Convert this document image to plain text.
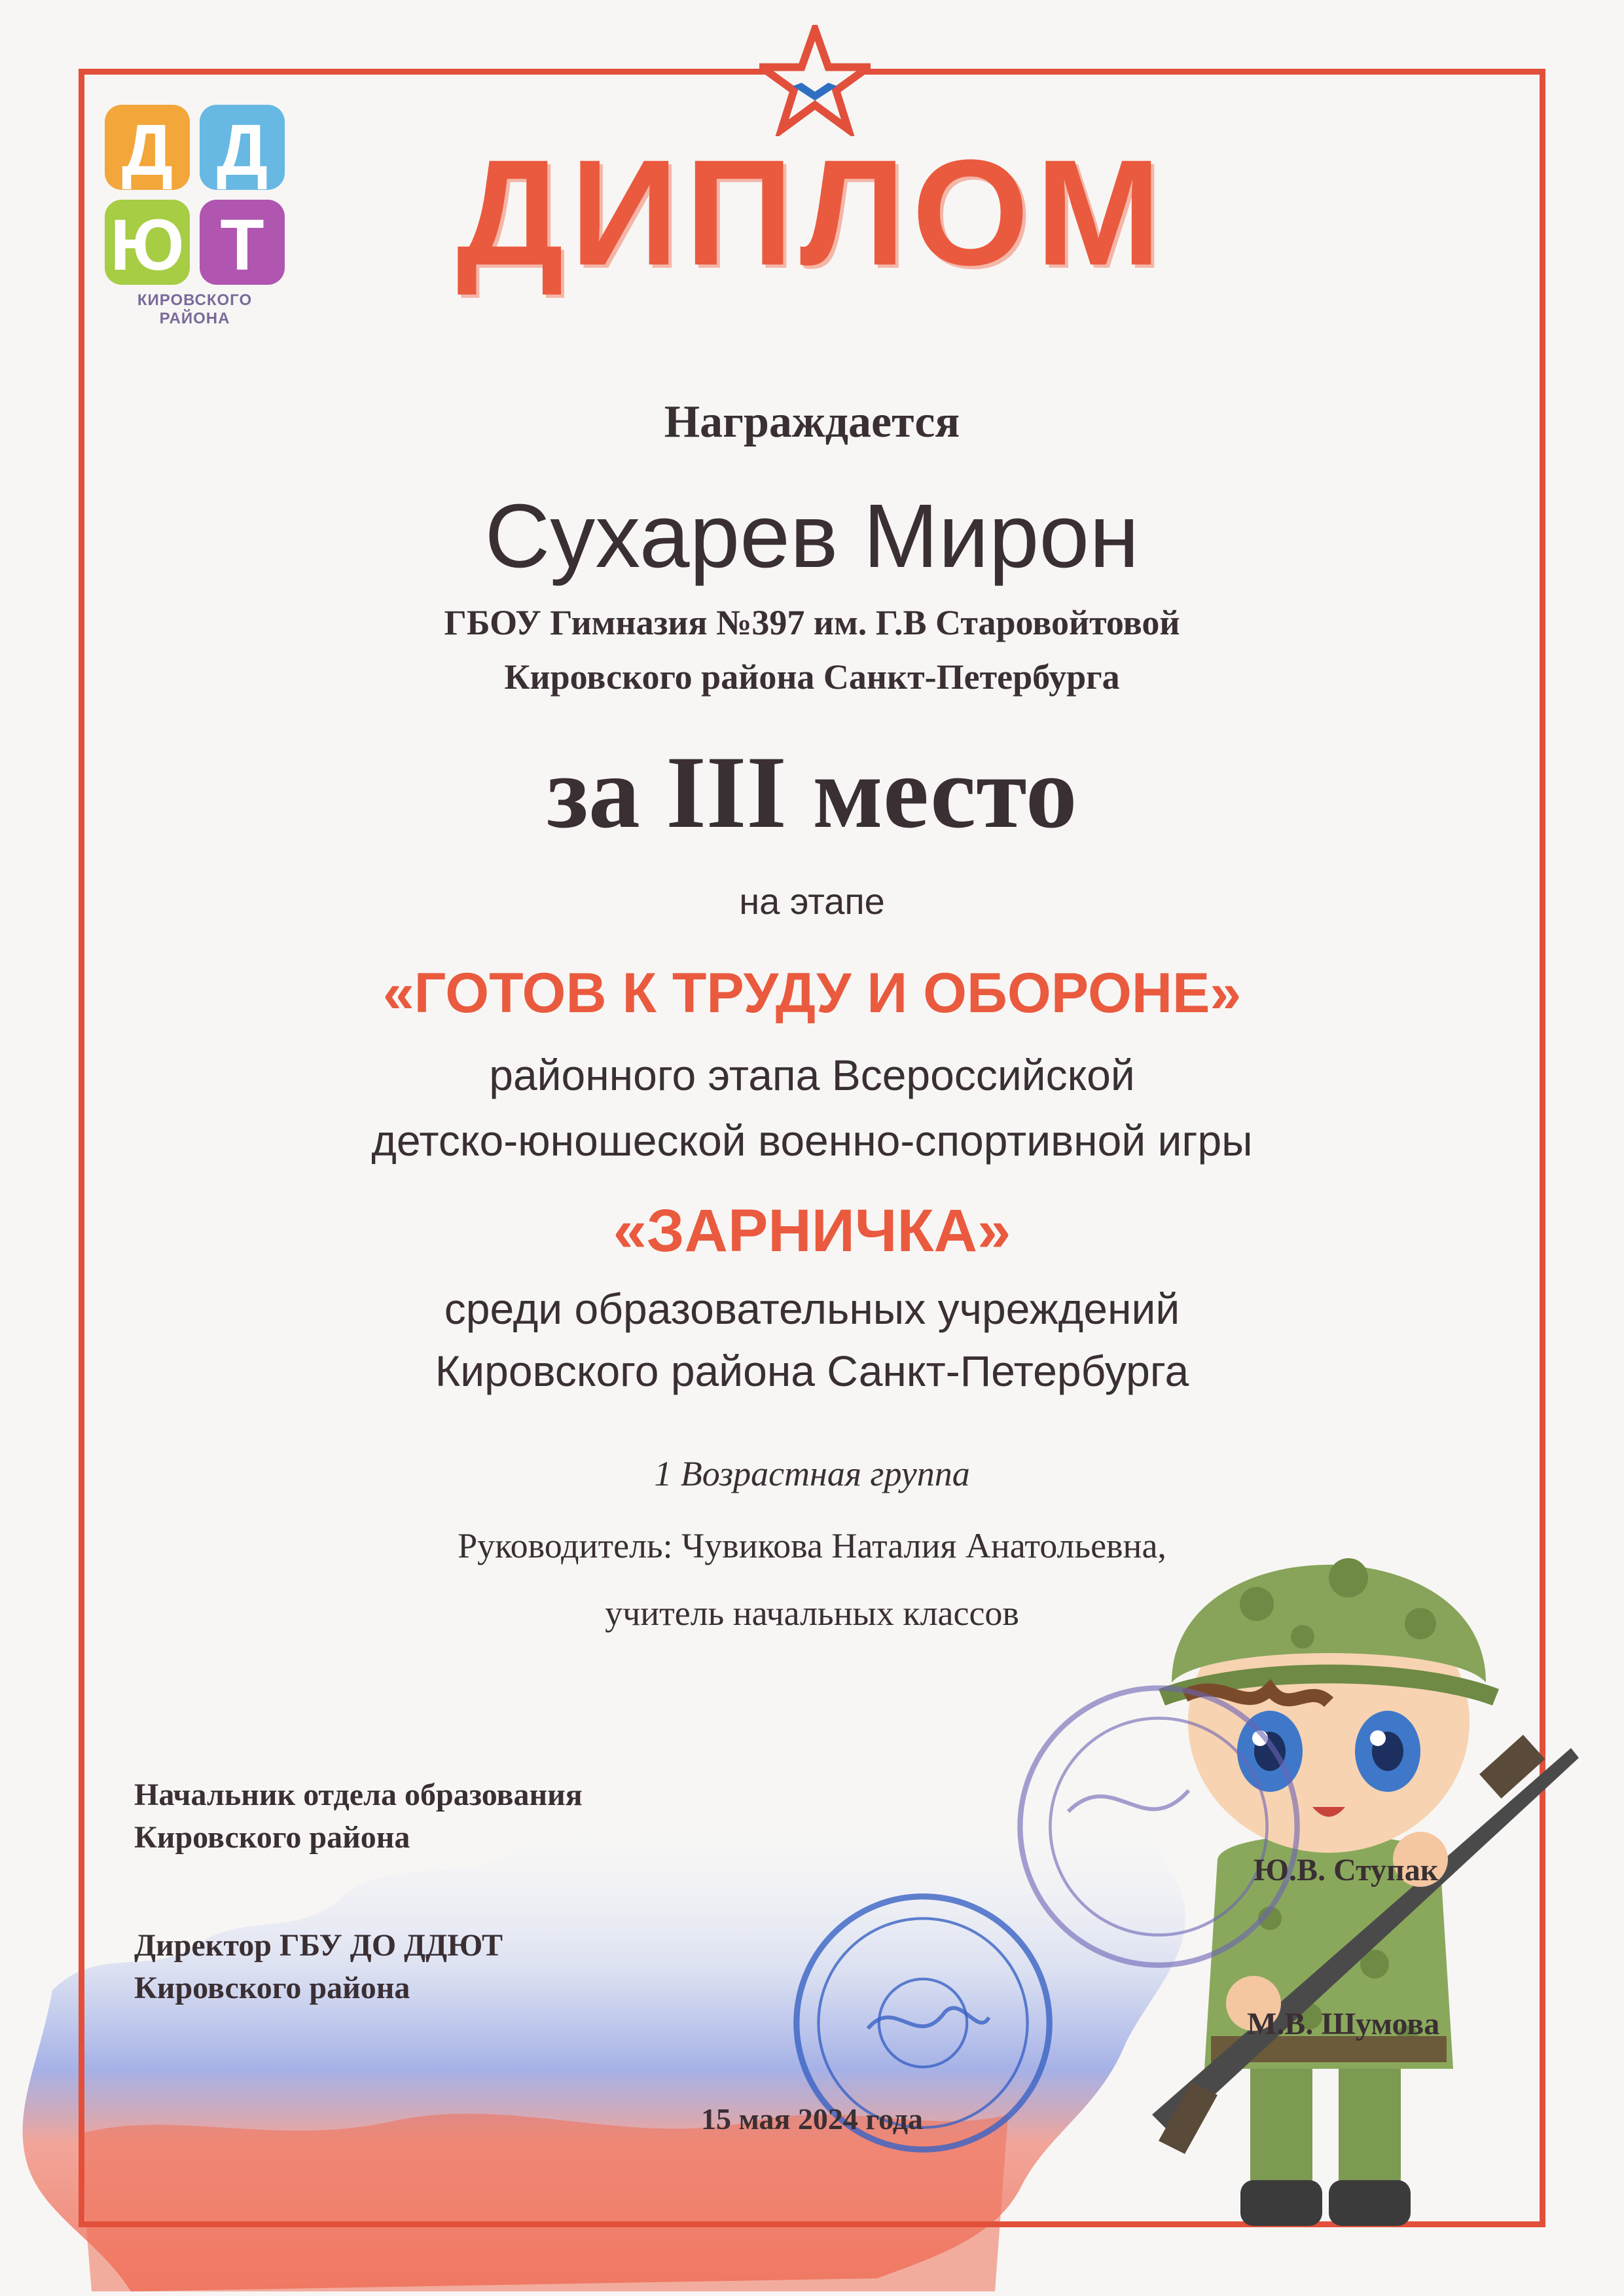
Д Д
Ю Т
КИРОВСКОГО РАЙОНА
ДИПЛОМ
Награждается
Сухарев Мирон
ГБОУ Гимназия №397 им. Г.В Старовойтовой
Кировского района Санкт-Петербурга
за III место
на этапе
«ГОТОВ К ТРУДУ И ОБОРОНЕ»
районного этапа Всероссийской
детско-юношеской военно-спортивной игры
«ЗАРНИЧКА»
среди образовательных учреждений
Кировского района Санкт-Петербурга
1 Возрастная группа
Руководитель: Чувикова Наталия Анатольевна,
учитель начальных классов
Начальник отдела образования
Кировского района
Директор ГБУ ДО ДДЮТ
Кировского района
Ю.В. Ступак
М.В. Шумова
15 мая 2024 года
